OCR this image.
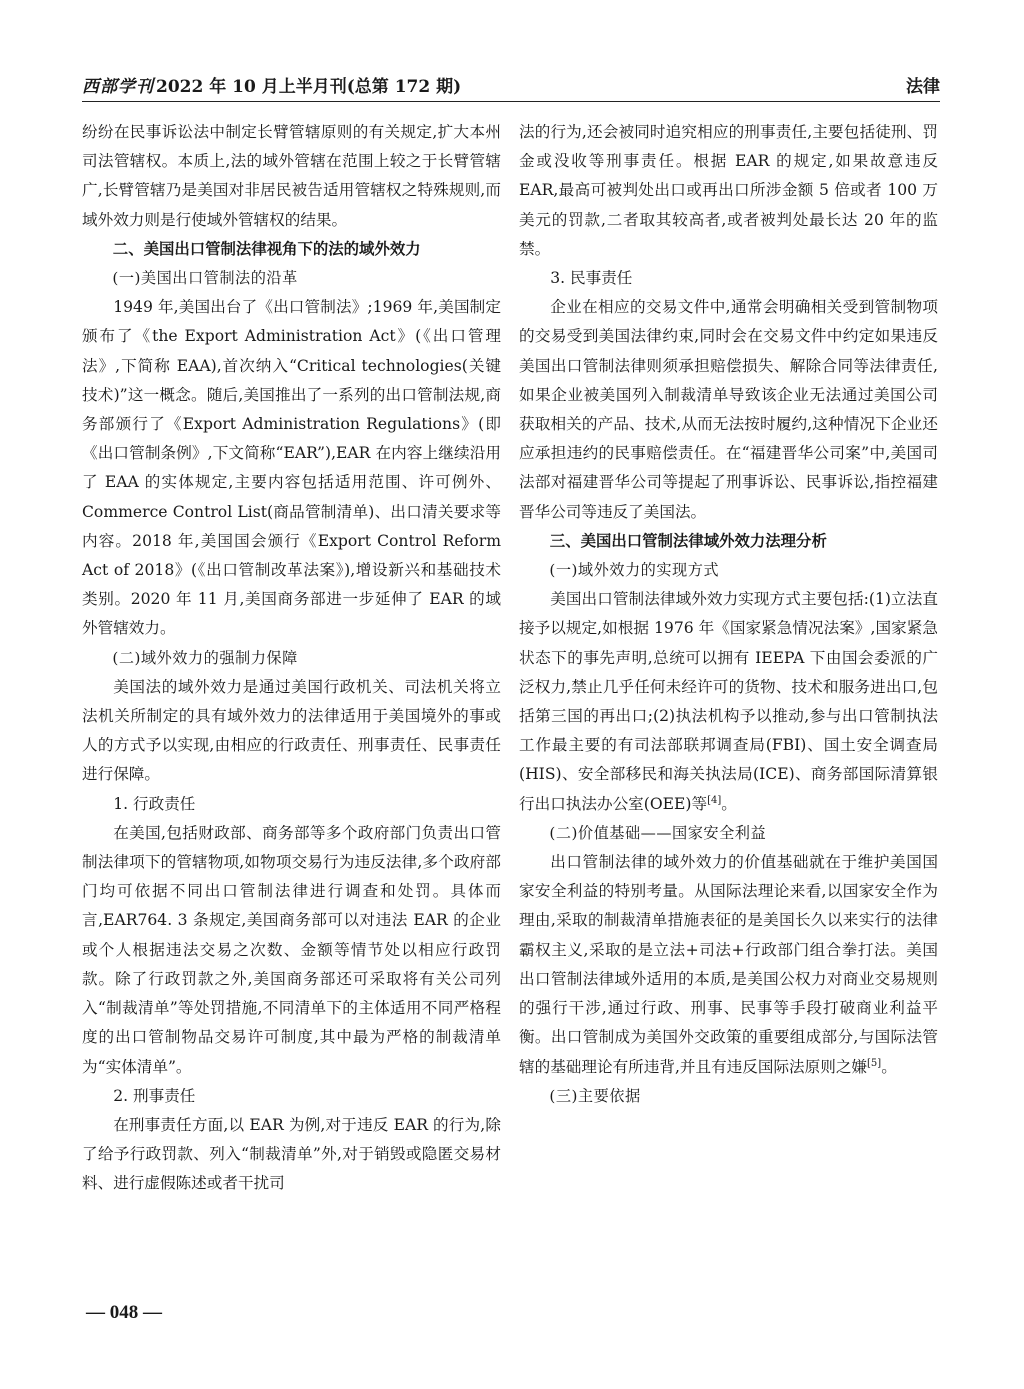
西部学刊 2022 年 10 月上半月刊(总第 172 期)	法律

纷纷在民事诉讼法中制定长臂管辖原则的有关规定,扩大本州司法管辖权。本质上,法的域外管辖在范围上较之于长臂管辖广,长臂管辖乃是美国对非居民被告适用管辖权之特殊规则,而域外效力则是行使域外管辖权的结果。

二、美国出口管制法律视角下的法的域外效力

(一)美国出口管制法的沿革

1949 年,美国出台了《出口管制法》;1969 年,美国制定颁布了《the Export Administration Act》(《出口管理法》,下简称 EAA),首次纳入“Critical technologies(关键技术)”这一概念。随后,美国推出了一系列的出口管制法规,商务部颁行了《Export Administration Regulations》(即《出口管制条例》,下文简称“EAR”),EAR 在内容上继续沿用了 EAA 的实体规定,主要内容包括适用范围、许可例外、Commerce Control List(商品管制清单)、出口清关要求等内容。2018 年,美国国会颁行《Export Control Reform Act of 2018》(《出口管制改革法案》),增设新兴和基础技术类别。2020 年 11 月,美国商务部进一步延伸了 EAR 的域外管辖效力。

(二)域外效力的强制力保障

美国法的域外效力是通过美国行政机关、司法机关将立法机关所制定的具有域外效力的法律适用于美国境外的事或人的方式予以实现,由相应的行政责任、刑事责任、民事责任进行保障。

1. 行政责任

在美国,包括财政部、商务部等多个政府部门负责出口管制法律项下的管辖物项,如物项交易行为违反法律,多个政府部门均可依据不同出口管制法律进行调查和处罚。具体而言,EAR764. 3 条规定,美国商务部可以对违法 EAR 的企业或个人根据违法交易之次数、金额等情节处以相应行政罚款。除了行政罚款之外,美国商务部还可采取将有关公司列入“制裁清单”等处罚措施,不同清单下的主体适用不同严格程度的出口管制物品交易许可制度,其中最为严格的制裁清单为“实体清单”。

2. 刑事责任

在刑事责任方面,以 EAR 为例,对于违反 EAR 的行为,除了给予行政罚款、列入“制裁清单”外,对于销毁或隐匿交易材料、进行虚假陈述或者干扰司

法的行为,还会被同时追究相应的刑事责任,主要包括徒刑、罚金或没收等刑事责任。根据 EAR 的规定,如果故意违反 EAR,最高可被判处出口或再出口所涉金额 5 倍或者 100 万美元的罚款,二者取其较高者,或者被判处最长达 20 年的监禁。

3. 民事责任

企业在相应的交易文件中,通常会明确相关受到管制物项的交易受到美国法律约束,同时会在交易文件中约定如果违反美国出口管制法律则须承担赔偿损失、解除合同等法律责任,如果企业被美国列入制裁清单导致该企业无法通过美国公司获取相关的产品、技术,从而无法按时履约,这种情况下企业还应承担违约的民事赔偿责任。在“福建晋华公司案”中,美国司法部对福建晋华公司等提起了刑事诉讼、民事诉讼,指控福建晋华公司等违反了美国法。

三、美国出口管制法律域外效力法理分析

(一)域外效力的实现方式

美国出口管制法律域外效力实现方式主要包括:(1)立法直接予以规定,如根据 1976 年《国家紧急情况法案》,国家紧急状态下的事先声明,总统可以拥有 IEEPA 下由国会委派的广泛权力,禁止几乎任何未经许可的货物、技术和服务进出口,包括第三国的再出口;(2)执法机构予以推动,参与出口管制执法工作最主要的有司法部联邦调查局(FBI)、国土安全调查局(HIS)、安全部移民和海关执法局(ICE)、商务部国际清算银行出口执法办公室(OEE)等[4]。

(二)价值基础——国家安全利益

出口管制法律的域外效力的价值基础就在于维护美国国家安全利益的特别考量。从国际法理论来看,以国家安全作为理由,采取的制裁清单措施表征的是美国长久以来实行的法律霸权主义,采取的是立法+司法+行政部门组合拳打法。美国出口管制法律域外适用的本质,是美国公权力对商业交易规则的强行干涉,通过行政、刑事、民事等手段打破商业利益平衡。出口管制成为美国外交政策的重要组成部分,与国际法管辖的基础理论有所违背,并且有违反国际法原则之嫌[5]。

(三)主要依据

— 048 —
